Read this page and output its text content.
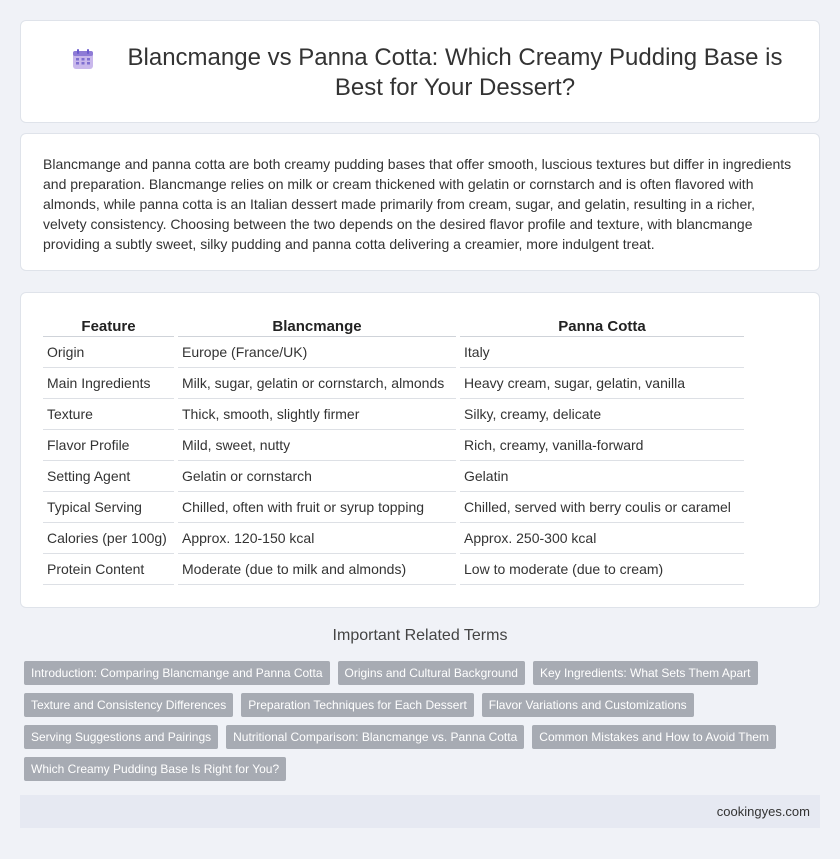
Blancmange vs Panna Cotta: Which Creamy Pudding Base is Best for Your Dessert?

Blancmange and panna cotta are both creamy pudding bases that offer smooth, luscious textures but differ in ingredients and preparation. Blancmange relies on milk or cream thickened with gelatin or cornstarch and is often flavored with almonds, while panna cotta is an Italian dessert made primarily from cream, sugar, and gelatin, resulting in a richer, velvety consistency. Choosing between the two depends on the desired flavor profile and texture, with blancmange providing a subtly sweet, silky pudding and panna cotta delivering a creamier, more indulgent treat.

Feature	Blancmange	Panna Cotta
Origin	Europe (France/UK)	Italy
Main Ingredients	Milk, sugar, gelatin or cornstarch, almonds	Heavy cream, sugar, gelatin, vanilla
Texture	Thick, smooth, slightly firmer	Silky, creamy, delicate
Flavor Profile	Mild, sweet, nutty	Rich, creamy, vanilla-forward
Setting Agent	Gelatin or cornstarch	Gelatin
Typical Serving	Chilled, often with fruit or syrup topping	Chilled, served with berry coulis or caramel
Calories (per 100g)	Approx. 120-150 kcal	Approx. 250-300 kcal
Protein Content	Moderate (due to milk and almonds)	Low to moderate (due to cream)
Important Related Terms
Introduction: Comparing Blancmange and Panna Cotta	Origins and Cultural Background	Key Ingredients: What Sets Them Apart
Texture and Consistency Differences	Preparation Techniques for Each Dessert	Flavor Variations and Customizations
Serving Suggestions and Pairings	Nutritional Comparison: Blancmange vs. Panna Cotta	Common Mistakes and How to Avoid Them
Which Creamy Pudding Base Is Right for You?
cookingyes.com
